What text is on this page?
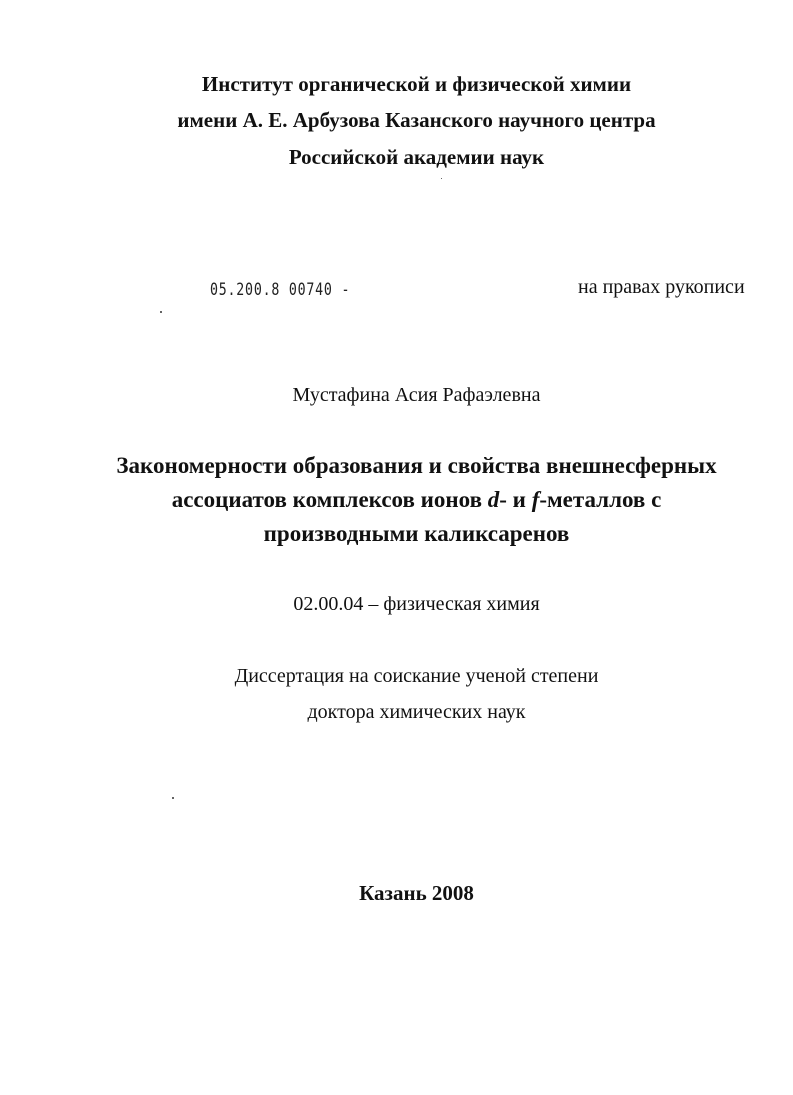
Институт органической и физической химии
имени А. Е. Арбузова Казанского научного центра
Российской академии наук
05.200.8 00740 -	на правах рукописи
Мустафина Асия Рафаэлевна
Закономерности образования и свойства внешнесферных
ассоциатов комплексов ионов d- и f-металлов с
производными каликсаренов
02.00.04 – физическая химия
Диссертация на соискание ученой степени
доктора химических наук
Казань 2008
